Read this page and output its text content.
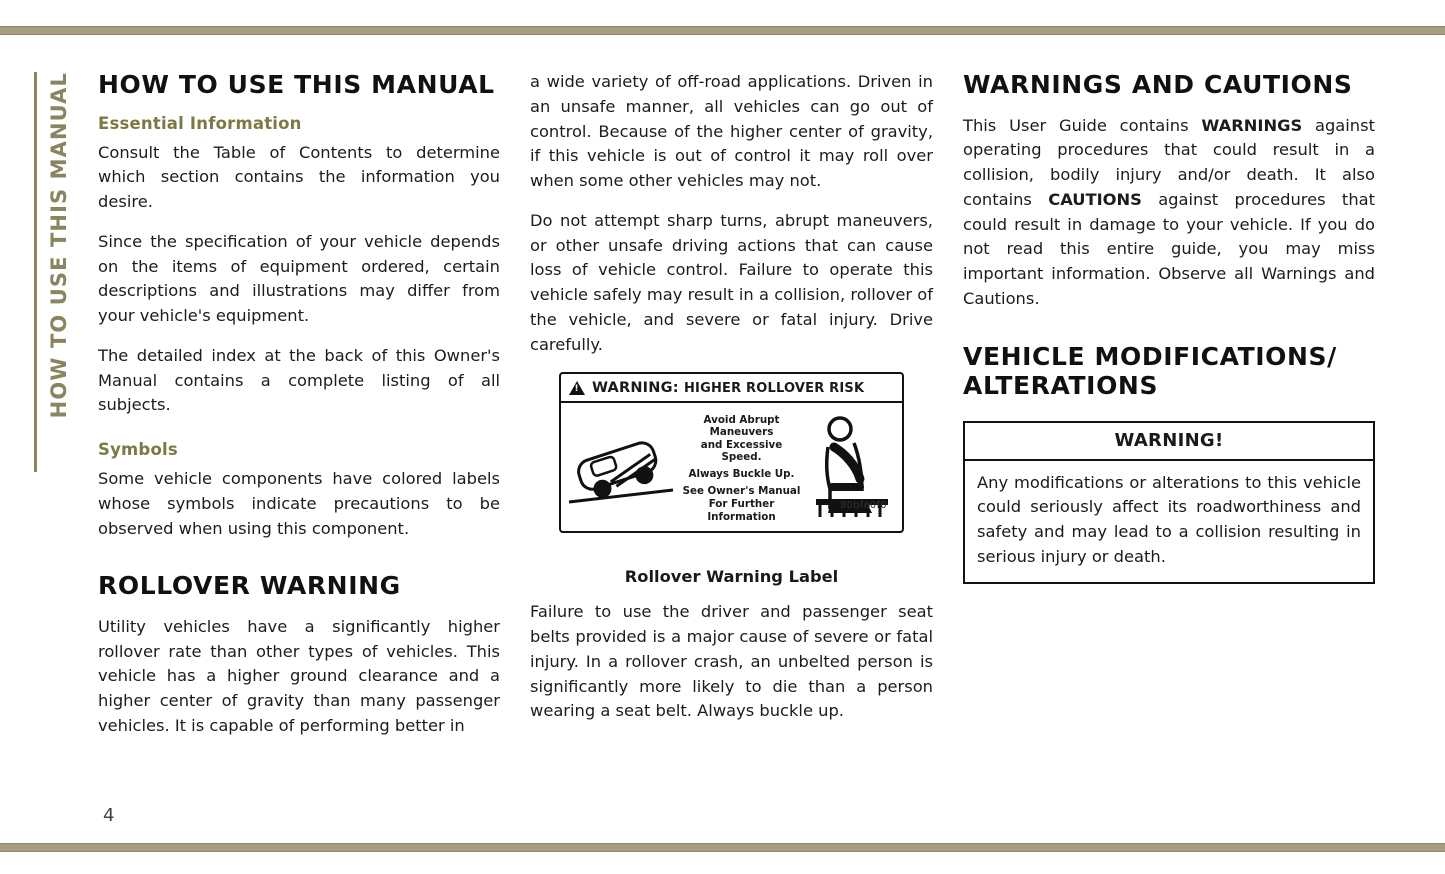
HOW TO USE THIS MANUAL HOW TO USE THIS MANUAL
Essential Information

Consult the Table of Contents to determine which section contains the information you desire.

Since the specification of your vehicle depends on the items of equipment ordered, certain descriptions and illustrations may differ from your vehicle's equipment.

The detailed index at the back of this Owner's Manual contains a complete listing of all subjects.

Symbols

Some vehicle components have colored labels whose symbols indicate precautions to be observed when using this component.

ROLLOVER WARNING

Utility vehicles have a significantly higher rollover rate than other types of vehicles. This vehicle has a higher ground clearance and a higher center of gravity than many passenger vehicles. It is capable of performing better in

a wide variety of off-road applications. Driven in an unsafe manner, all vehicles can go out of control. Because of the higher center of gravity, if this vehicle is out of control it may roll over when some other vehicles may not.

Do not attempt sharp turns, abrupt maneuvers, or other unsafe driving actions that can cause loss of vehicle control. Failure to operate this vehicle safely may result in a collision, rollover of the vehicle, and severe or fatal injury. Drive carefully.

!
WARNING: HIGHER ROLLOVER RISK
Avoid Abrupt Maneuvers
and Excessive Speed.
Always Buckle Up.
See Owner's Manual
For Further Information
80bfe0f0
Rollover Warning Label

Failure to use the driver and passenger seat belts provided is a major cause of severe or fatal injury. In a rollover crash, an unbelted person is significantly more likely to die than a person wearing a seat belt. Always buckle up.

WARNINGS AND CAUTIONS

This User Guide contains WARNINGS against operating procedures that could result in a collision, bodily injury and/or death. It also contains CAUTIONS against procedures that could result in damage to your vehicle. If you do not read this entire guide, you may miss important information. Observe all Warnings and Cautions.

VEHICLE MODIFICATIONS/ ALTERATIONS
WARNING!
Any modifications or alterations to this vehicle could seriously affect its roadworthiness and safety and may lead to a collision resulting in serious injury or death.
4
